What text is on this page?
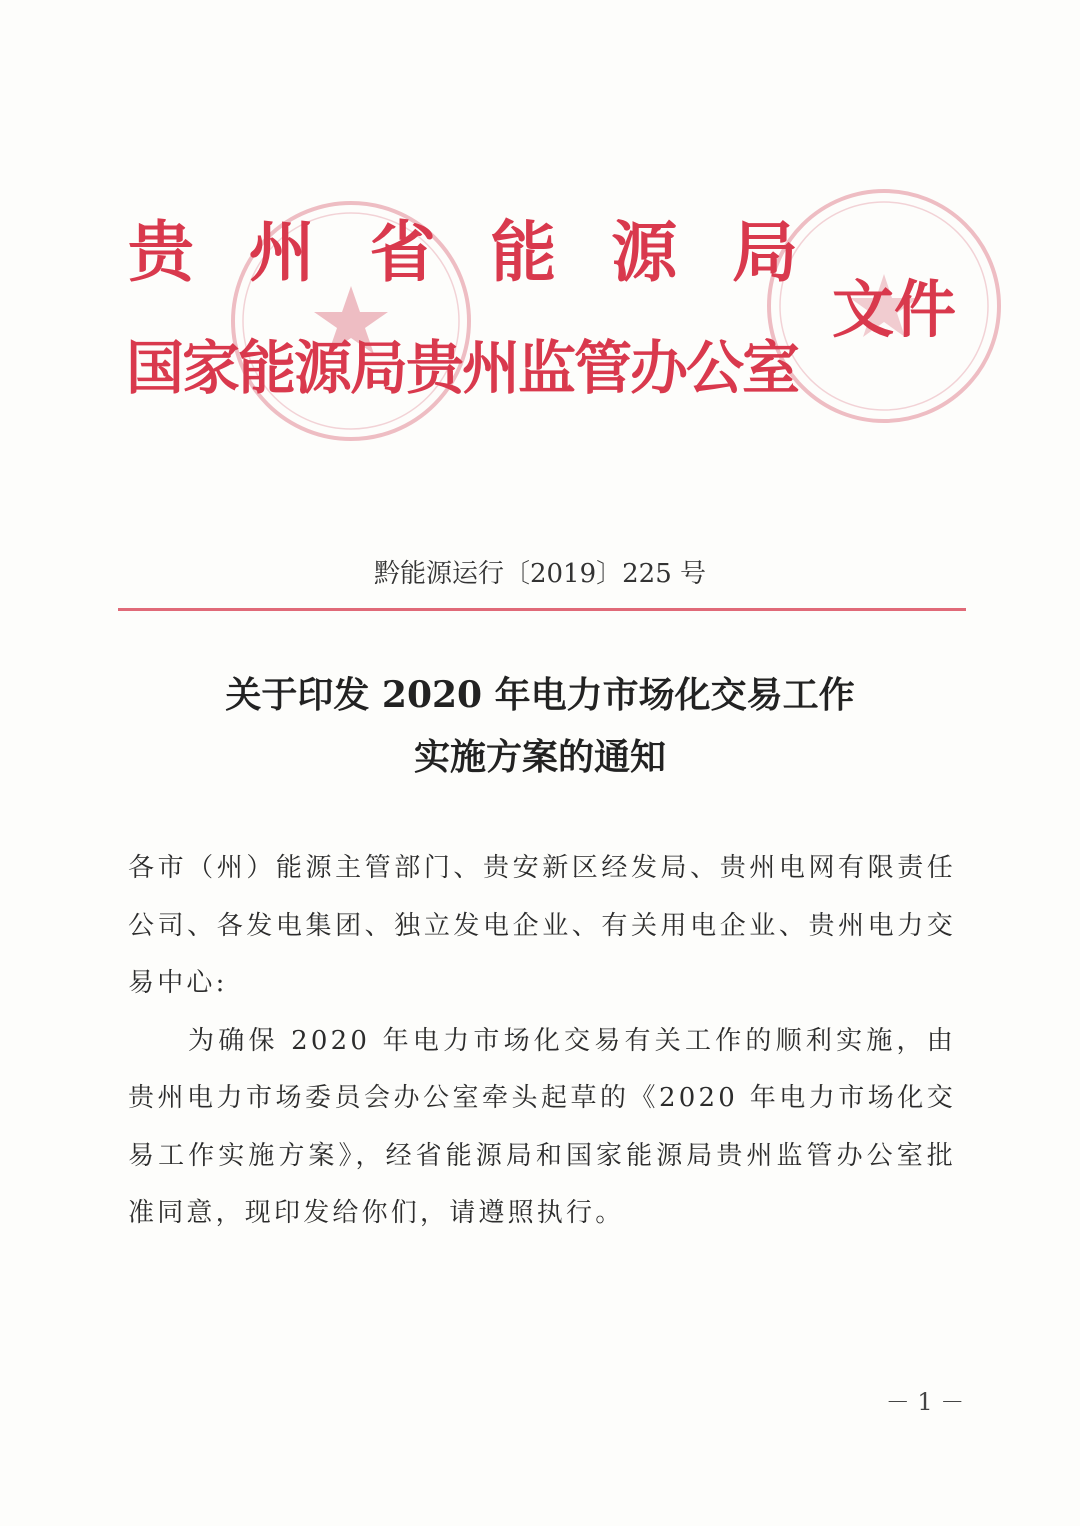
贵 州 省 能 源 局
国家能源局贵州监管办公室
文件
黔能源运行〔2019〕225 号
关于印发 2020 年电力市场化交易工作
实施方案的通知

各市（州）能源主管部门、贵安新区经发局、贵州电网有限责任公司、各发电集团、独立发电企业、有关用电企业、贵州电力交易中心:

为确保 2020 年电力市场化交易有关工作的顺利实施，由贵州电力市场委员会办公室牵头起草的《2020 年电力市场化交易工作实施方案》，经省能源局和国家能源局贵州监管办公室批准同意，现印发给你们，请遵照执行。

－ 1 －
